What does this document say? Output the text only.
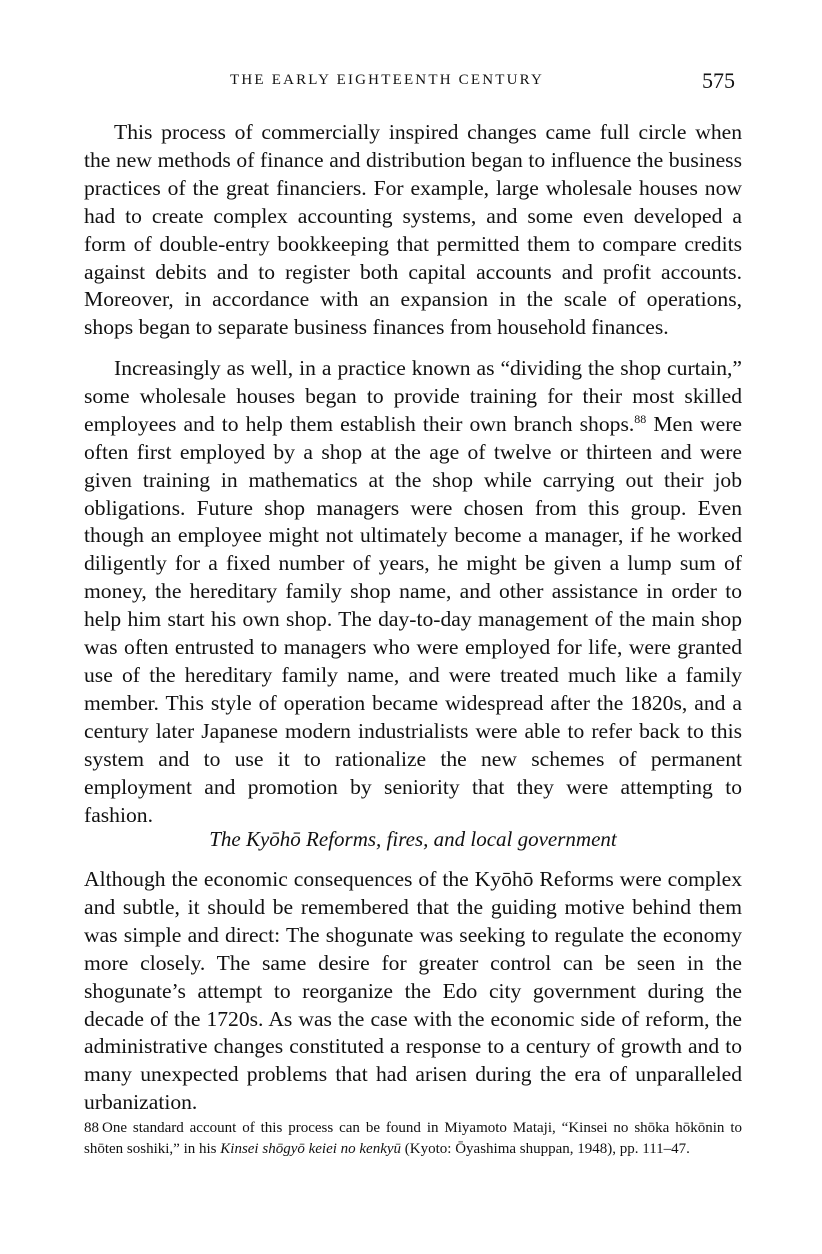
THE EARLY EIGHTEENTH CENTURY	575

This process of commercially inspired changes came full circle when the new methods of finance and distribution began to influence the business practices of the great financiers. For example, large wholesale houses now had to create complex accounting systems, and some even developed a form of double-entry bookkeeping that permitted them to compare credits against debits and to register both capital accounts and profit accounts. Moreover, in accordance with an expansion in the scale of operations, shops began to separate business finances from household finances.

Increasingly as well, in a practice known as “dividing the shop curtain,” some wholesale houses began to provide training for their most skilled employees and to help them establish their own branch shops.$^{88}$ Men were often first employed by a shop at the age of twelve or thirteen and were given training in mathematics at the shop while carrying out their job obligations. Future shop managers were chosen from this group. Even though an employee might not ultimately become a manager, if he worked diligently for a fixed number of years, he might be given a lump sum of money, the hereditary family shop name, and other assistance in order to help him start his own shop. The day-to-day management of the main shop was often entrusted to managers who were employed for life, were granted use of the hereditary family name, and were treated much like a family member. This style of operation became widespread after the 1820s, and a century later Japanese modern industrialists were able to refer back to this system and to use it to rationalize the new schemes of permanent employment and promotion by seniority that they were attempting to fashion.

The Kyōhō Reforms, fires, and local government

Although the economic consequences of the Kyōhō Reforms were complex and subtle, it should be remembered that the guiding motive behind them was simple and direct: The shogunate was seeking to regulate the economy more closely. The same desire for greater control can be seen in the shogunate’s attempt to reorganize the Edo city government during the decade of the 1720s. As was the case with the economic side of reform, the administrative changes constituted a response to a century of growth and to many unexpected problems that had arisen during the era of unparalleled urbanization.

88 One standard account of this process can be found in Miyamoto Mataji, “Kinsei no shōka hōkōnin to shōten soshiki,” in his Kinsei shōgyō keiei no kenkyū (Kyoto: Ōyashima shuppan, 1948), pp. 111–47.
